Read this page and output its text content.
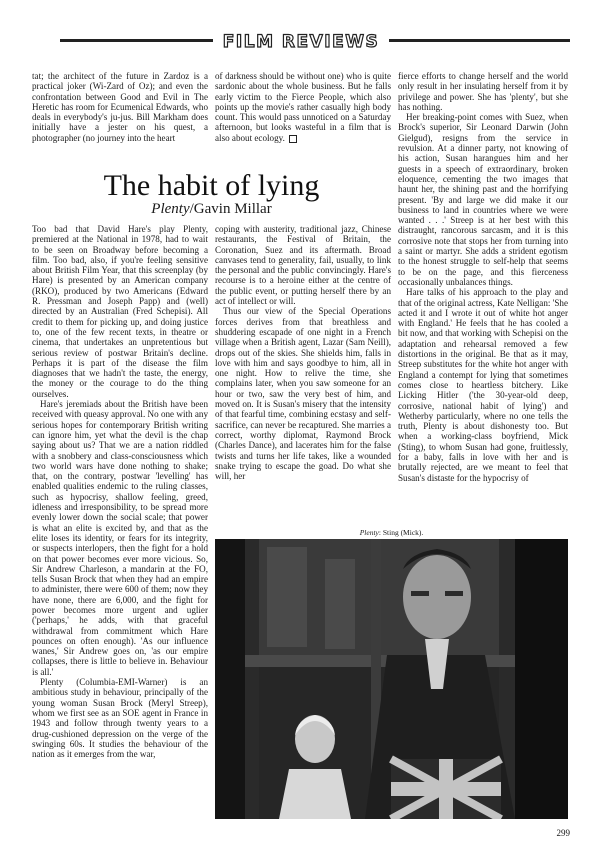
FILM REVIEWS

tat; the architect of the future in Zardoz is a practical joker (Wi-Zard of Oz); and even the confrontation between Good and Evil in The Heretic has room for Ecumenical Edwards, who deals in everybody's ju-jus. Bill Markham does initially have a jester on his quest, a photographer (no journey into the heart

of darkness should be without one) who is quite sardonic about the whole business. But he falls early victim to the Fierce People, which also points up the movie's rather casually high body count. This would pass unnoticed on a Saturday afternoon, but looks wasteful in a film that is also about ecology.

The habit of lying
Plenty/Gavin Millar

Too bad that David Hare's play Plenty, premiered at the National in 1978, had to wait to be seen on Broadway before becoming a film. Too bad, also, if you're feeling sensitive about British Film Year, that this screenplay (by Hare) is presented by an American company (RKO), produced by two Americans (Edward R. Pressman and Joseph Papp) and (well) directed by an Australian (Fred Schepisi). All credit to them for picking up, and doing justice to, one of the few recent texts, in theatre or cinema, that undertakes an unpretentious but serious review of postwar Britain's decline. Perhaps it is part of the disease the film diagnoses that we hadn't the taste, the energy, the money or the courage to do the thing ourselves.

Hare's jeremiads about the British have been received with queasy approval. No one with any serious hopes for contemporary British writing can ignore him, yet what the devil is the chap saying about us? That we are a nation riddled with a snobbery and class-consciousness which two world wars have done nothing to shake; that, on the contrary, postwar 'levelling' has enabled qualities endemic to the ruling classes, such as hypocrisy, shallow feeling, greed, idleness and irresponsibility, to be spread more evenly lower down the social scale; that power is what an elite is excited by, and that as the elite loses its identity, or fears for its integrity, or suspects interlopers, then the fight for a hold on that power becomes ever more vicious. So, Sir Andrew Charleson, a mandarin at the FO, tells Susan Brock that when they had an empire to administer, there were 600 of them; now they have none, there are 6,000, and the fight for power becomes more urgent and uglier ('perhaps,' he adds, with that graceful withdrawal from commitment which Hare pounces on often enough). 'As our influence wanes,' Sir Andrew goes on, 'as our empire collapses, there is little to believe in. Behaviour is all.'

Plenty (Columbia-EMI-Warner) is an ambitious study in behaviour, principally of the young woman Susan Brock (Meryl Streep), whom we first see as an SOE agent in France in 1943 and follow through twenty years to a drug-cushioned depression on the verge of the swinging 60s. It studies the behaviour of the nation as it emerges from the war,

coping with austerity, traditional jazz, Chinese restaurants, the Festival of Britain, the Coronation, Suez and its aftermath. Broad canvases tend to generality, fail, usually, to link the personal and the public convincingly. Hare's recourse is to a heroine either at the centre of the public event, or putting herself there by an act of intellect or will.

Thus our view of the Special Operations forces derives from that breathless and shuddering escapade of one night in a French village when a British agent, Lazar (Sam Neill), drops out of the skies. She shields him, falls in love with him and says goodbye to him, all in one night. How to relive the time, she complains later, when you saw someone for an hour or two, saw the very best of him, and moved on. It is Susan's misery that the intensity of that fearful time, combining ecstasy and self-sacrifice, can never be recaptured. She marries a correct, worthy diplomat, Raymond Brock (Charles Dance), and lacerates him for the false twists and turns her life takes, like a wounded snake trying to escape the goad. Do what she will, her

fierce efforts to change herself and the world only result in her insulating herself from it by privilege and power. She has 'plenty', but she has nothing.

Her breaking-point comes with Suez, when Brock's superior, Sir Leonard Darwin (John Gielgud), resigns from the service in revulsion. At a dinner party, not knowing of his action, Susan harangues him and her guests in a speech of extraordinary, broken eloquence, cementing the two images that haunt her, the shining past and the horrifying present. 'By and large we did make it our business to land in countries where we were wanted . . .' Streep is at her best with this distraught, rancorous sarcasm, and it is this corrosive note that stops her from turning into a saint or martyr. She adds a strident egotism to the honest struggle to self-help that seems to be on the page, and this fierceness occasionally unbalances things.

Hare talks of his approach to the play and that of the original actress, Kate Nelligan: 'She acted it and I wrote it out of white hot anger with England.' He feels that he has cooled a bit now, and that working with Schepisi on the adaptation and rehearsal removed a few distortions in the original. Be that as it may, Streep substitutes for the white hot anger with England a contempt for lying that sometimes comes close to heartless bitchery. Like Licking Hitler ('the 30-year-old deep, corrosive, national habit of lying') and Wetherby particularly, where no one tells the truth, Plenty is about dishonesty too. But when a working-class boyfriend, Mick (Sting), to whom Susan had gone, fruitlessly, for a baby, falls in love with her and is brutally rejected, are we meant to feel that Susan's distaste for the hypocrisy of

Plenty: Sting (Mick).
299
